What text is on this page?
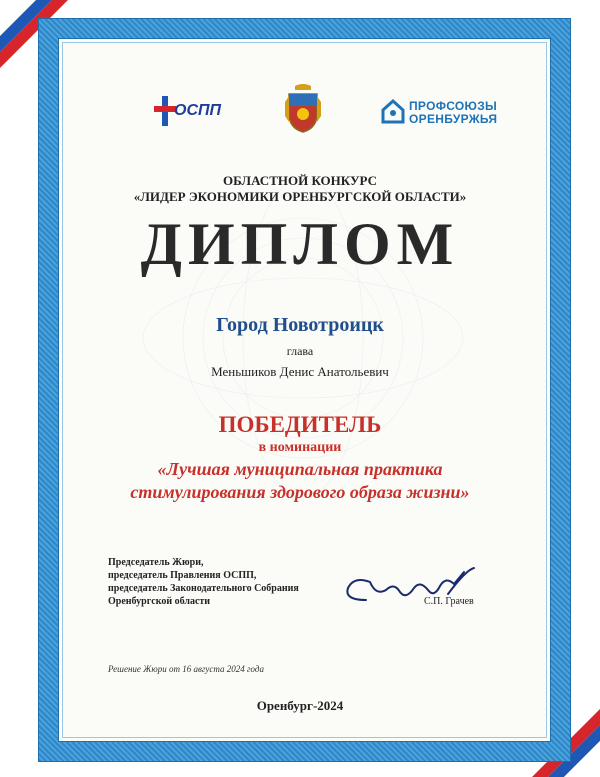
ОСПП	ПРОФСОЮЗЫ
ОРЕНБУРЖЬЯ
ОБЛАСТНОЙ КОНКУРС
«ЛИДЕР ЭКОНОМИКИ ОРЕНБУРГСКОЙ ОБЛАСТИ»
ДИПЛОМ
Город Новотроицк
глава
Меньшиков Денис Анатольевич
ПОБЕДИТЕЛЬ
в номинации
«Лучшая муниципальная практика
стимулирования здорового образа жизни»
Председатель Жюри,
председатель Правления ОСПП,
председатель Законодательного Собрания
Оренбургской области	С.П. Грачев
Решение Жюри от 16 августа 2024 года
Оренбург-2024
